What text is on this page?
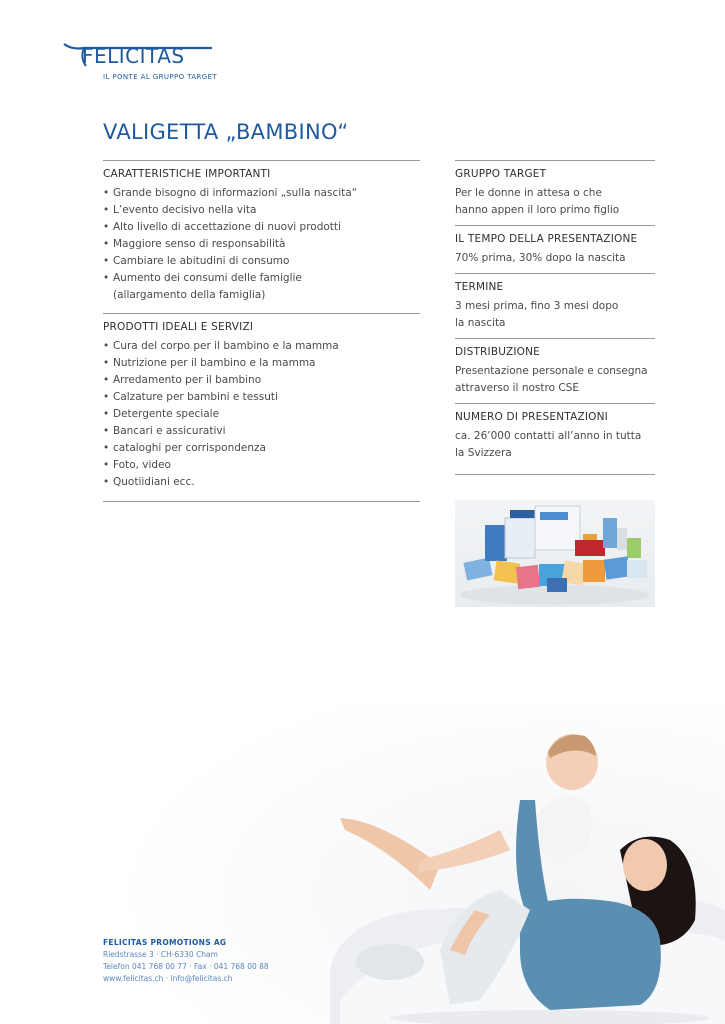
FELICITAS
IL PONTE AL GRUPPO TARGET
VALIGETTA „BAMBINO“
CARATTERISTICHE IMPORTANTI
• Grande bisogno di informazioni „sulla nascita“
• L’evento decisivo nella vita
• Alto livello di accettazione di nuovi prodotti
• Maggiore senso di responsabilità
• Cambiare le abitudini di consumo
• Aumento dei consumi delle famiglie
(allargamento della famiglia)
PRODOTTI IDEALI E SERVIZI
• Cura del corpo per il bambino e la mamma
• Nutrizione per il bambino e la mamma
• Arredamento per il bambino
• Calzature per bambini e tessuti
• Detergente speciale
• Bancari e assicurativi
• cataloghi per corrispondenza
• Foto, video
• Quotiidiani ecc.
GRUPPO TARGET
Per le donne in attesa o che
hanno appen il loro primo figlio
IL TEMPO DELLA PRESENTAZIONE
70% prima, 30% dopo la nascita
TERMINE
3 mesi prima, fino 3 mesi dopo
la nascita
DISTRIBUZIONE
Presentazione personale e consegna
attraverso il nostro CSE
NUMERO DI PRESENTAZIONI
ca. 26’000 contatti all’anno in tutta
la Svizzera
FELICITAS PROMOTIONS AG
Riedstrasse 3 · CH-6330 Cham
Telefon 041 768 00 77 · Fax · 041 768 00 88
www.felicitas.ch · info@felicitas.ch
